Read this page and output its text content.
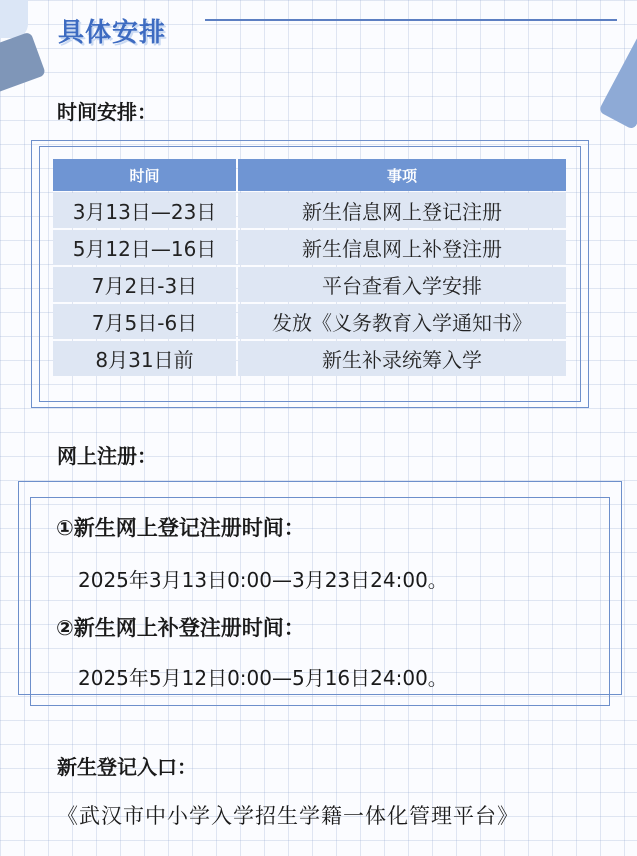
具体安排
时间安排：
时间	事项
3月13日—23日	新生信息网上登记注册
5月12日—16日	新生信息网上补登注册
7月2日-3日	平台查看入学安排
7月5日-6日	发放《义务教育入学通知书》
8月31日前	新生补录统筹入学
网上注册：
①新生网上登记注册时间：
2025年3月13日0:00—3月23日24:00。
②新生网上补登注册时间：
2025年5月12日0:00—5月16日24:00。
新生登记入口：
《武汉市中小学入学招生学籍一体化管理平台》
